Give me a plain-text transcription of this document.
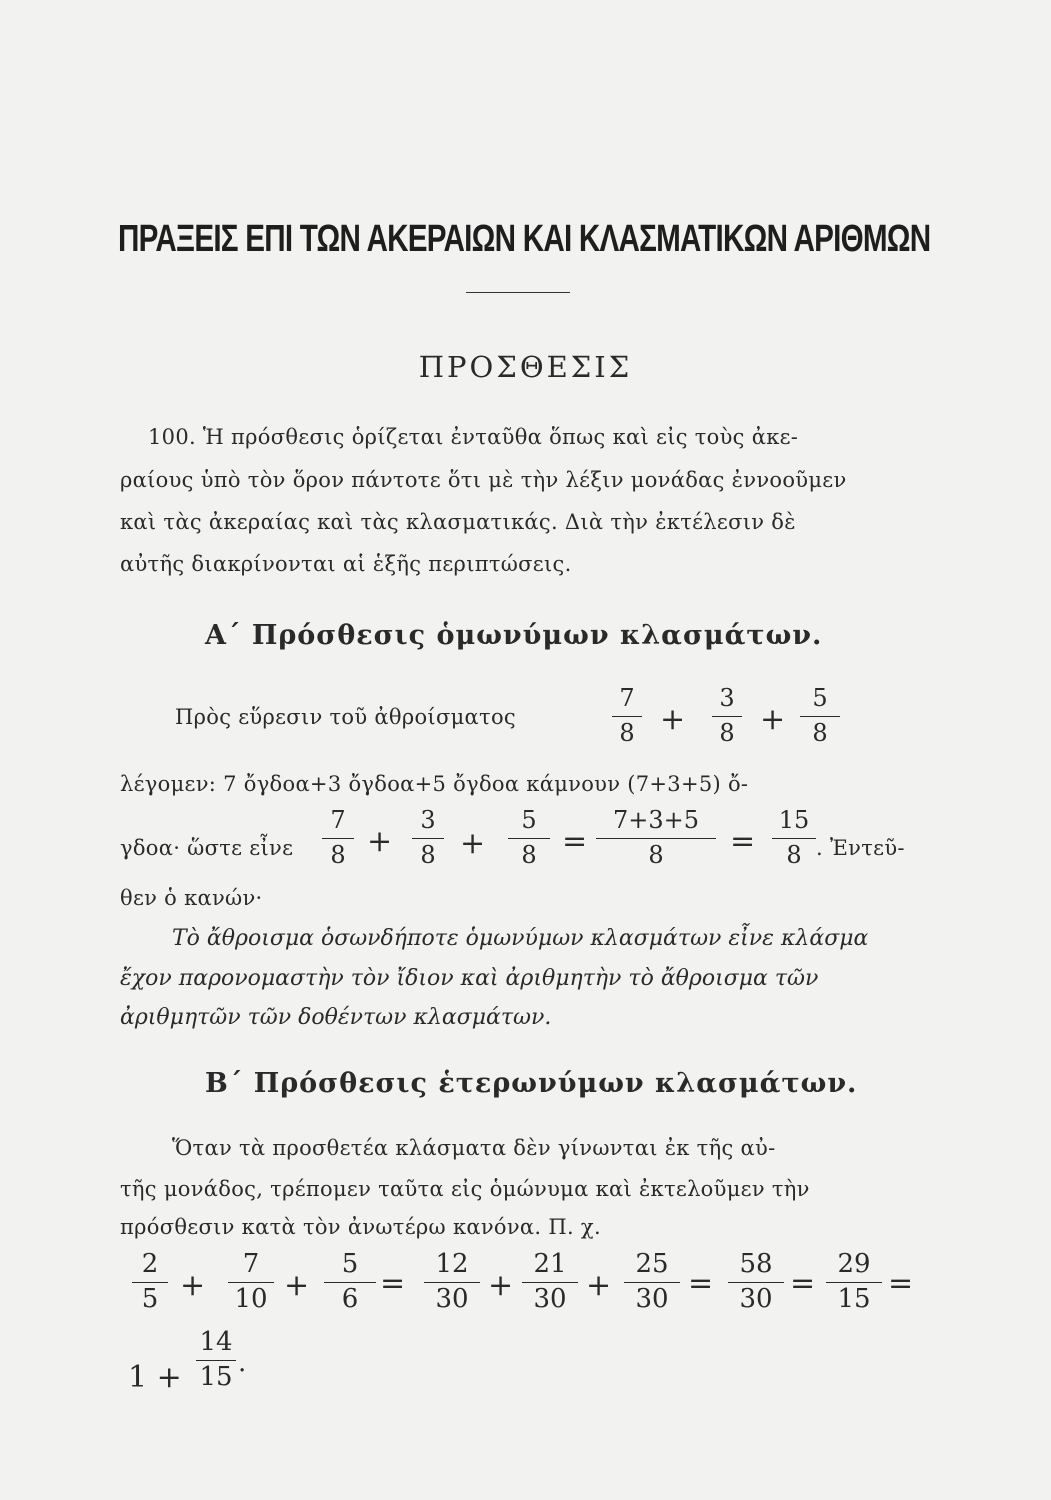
ΠΡΑΞΕΙΣ ΕΠΙ ΤΩΝ ΑΚΕΡΑΙΩΝ ΚΑΙ ΚΛΑΣΜΑΤΙΚΩΝ ΑΡΙΘΜΩΝ
ΠΡΟΣΘΕΣΙΣ
100. Ἡ πρόσθεσις ὁρίζεται ἐνταῦθα ὅπως καὶ εἰς τοὺς ἀκε-
ραίους ὑπὸ τὸν ὅρον πάντοτε ὅτι μὲ τὴν λέξιν μονάδας ἐννοοῦμεν
καὶ τὰς ἀκεραίας καὶ τὰς κλασματικάς. Διὰ τὴν ἐκτέλεσιν δὲ
αὐτῆς διακρίνονται αἱ ἑξῆς περιπτώσεις.
Α΄ Πρόσθεσις ὁμωνύμων κλασμάτων.
Πρὸς εὕρεσιν τοῦ ἀθροίσματος
7
8 +
3
8 +
5
8
λέγομεν: 7 ὄγδοα+3 ὄγδοα+5 ὄγδοα κάμνουν (7+3+5) ὄ-
γδοα· ὥστε εἶνε
7
8 +
3
8 +
5
8 =
7+3+5
8	=
15
8 . Ἐντεῦ-
θεν ὁ κανών·
Τὸ ἄθροισμα ὁσωνδήποτε ὁμωνύμων κλασμάτων εἶνε κλάσμα
ἔχον παρονομαστὴν τὸν ἴδιον καὶ ἀριθμητὴν τὸ ἄθροισμα τῶν
ἀριθμητῶν τῶν δοθέντων κλασμάτων.
Β΄ Πρόσθεσις ἑτερωνύμων κλασμάτων.
Ὅταν τὰ προσθετέα κλάσματα δὲν γίνωνται ἐκ τῆς αὐ-
τῆς μονάδος, τρέπομεν ταῦτα εἰς ὁμώνυμα καὶ ἐκτελοῦμεν τὴν
πρόσθεσιν κατὰ τὸν ἀνωτέρω κανόνα. Π. χ.
2
5 +
7
10 +
5
6 =
12
30 +
21
30 +
25
30 =
58
30 =
29
15 =
1 +
14
15 .
